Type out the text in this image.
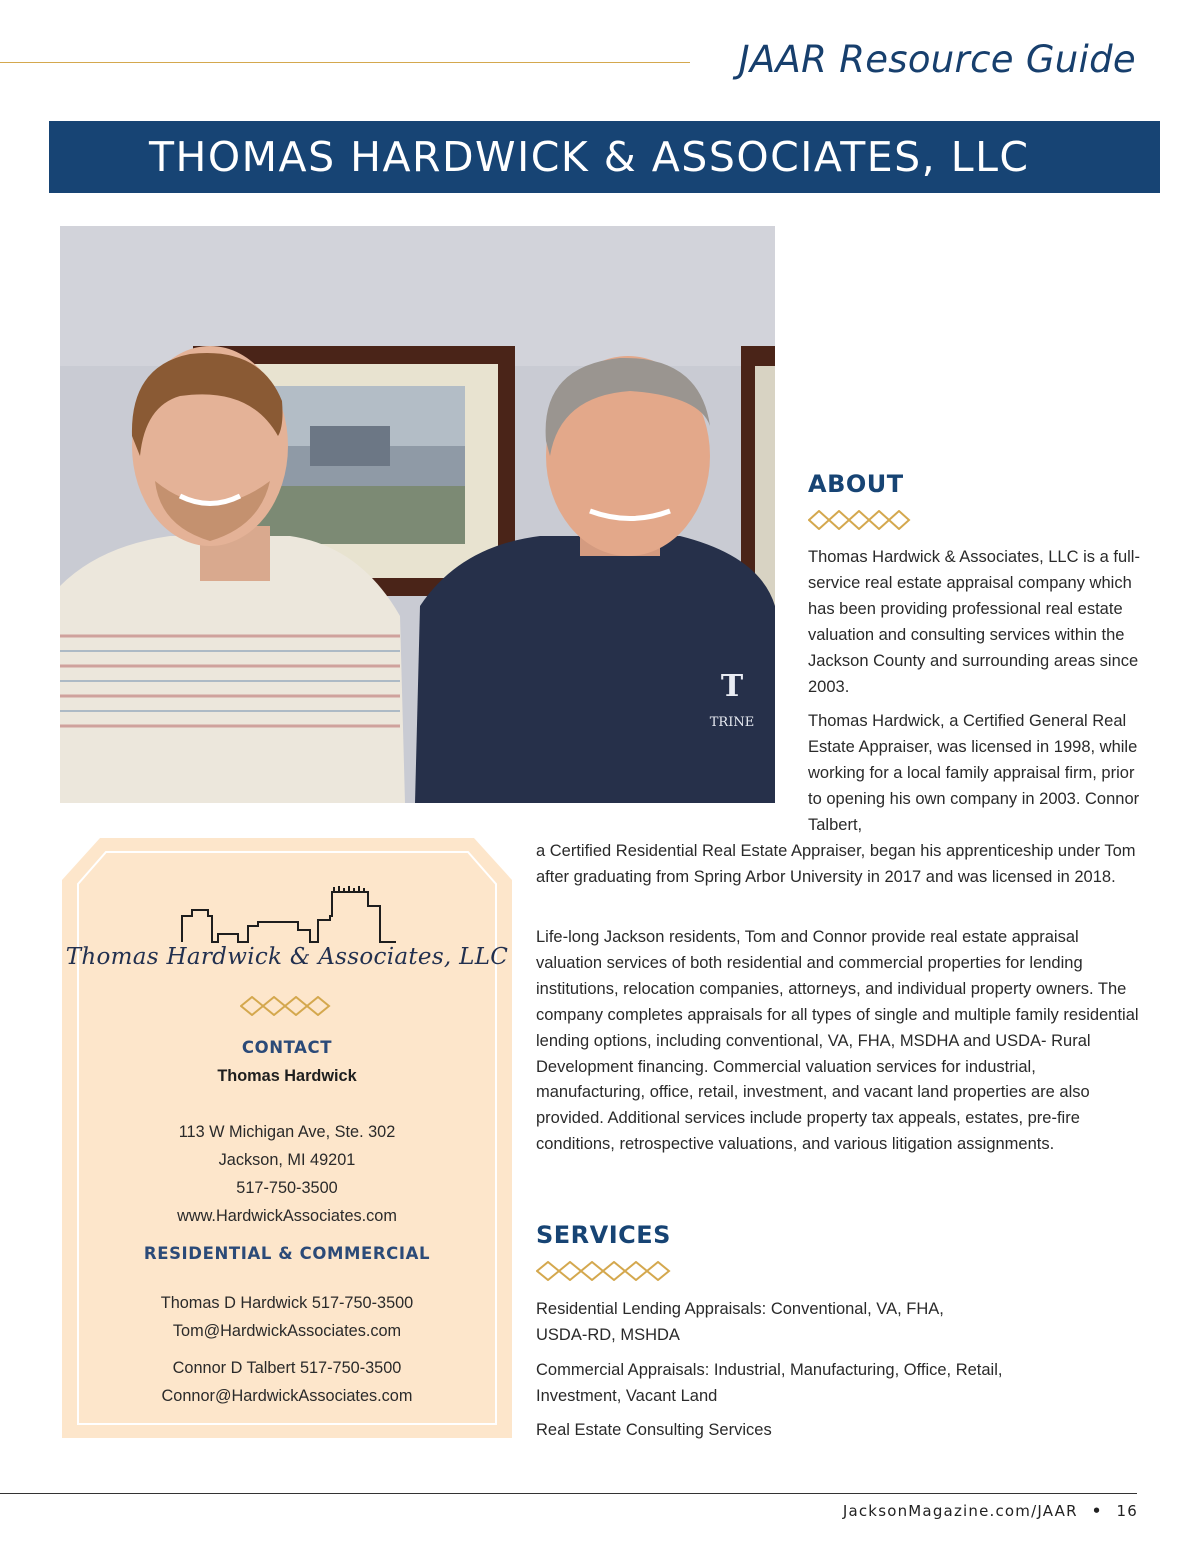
JAAR Resource Guide
THOMAS HARDWICK & ASSOCIATES, LLC
T
TRINE
ABOUT

Thomas Hardwick & Associates, LLC is a full-service real estate appraisal company which has been providing professional real estate valuation and consulting services within the Jackson County and surrounding areas since 2003.

Thomas Hardwick, a Certified General Real Estate Appraiser, was licensed in 1998, while working for a local family appraisal firm, prior to opening his own company in 2003. Connor Talbert,

a Certified Residential Real Estate Appraiser, began his apprenticeship under Tom after graduating from Spring Arbor University in 2017 and was licensed in 2018.

Life-long Jackson residents, Tom and Connor provide real estate appraisal valuation services of both residential and commercial properties for lending institutions, relocation companies, attorneys, and individual property owners. The company completes appraisals for all types of single and multiple family residential lending options, including conventional, VA, FHA, MSDHA and USDA- Rural Development financing. Commercial valuation services for industrial, manufacturing, office, retail, investment, and vacant land properties are also provided. Additional services include property tax appeals, estates, pre-fire conditions, retrospective valuations, and various litigation assignments.

SERVICES

Residential Lending Appraisals: Conventional, VA, FHA, USDA-RD, MSHDA

Commercial Appraisals: Industrial, Manufacturing, Office, Retail, Investment, Vacant Land

Real Estate Consulting Services

Thomas Hardwick & Associates, LLC

CONTACT

Thomas Hardwick

113 W Michigan Ave, Ste. 302

Jackson, MI 49201

517-750-3500

www.HardwickAssociates.com

RESIDENTIAL & COMMERCIAL

Thomas D Hardwick 517-750-3500

Tom@HardwickAssociates.com

Connor D Talbert 517-750-3500

Connor@HardwickAssociates.com

JacksonMagazine.com/JAAR • 16
